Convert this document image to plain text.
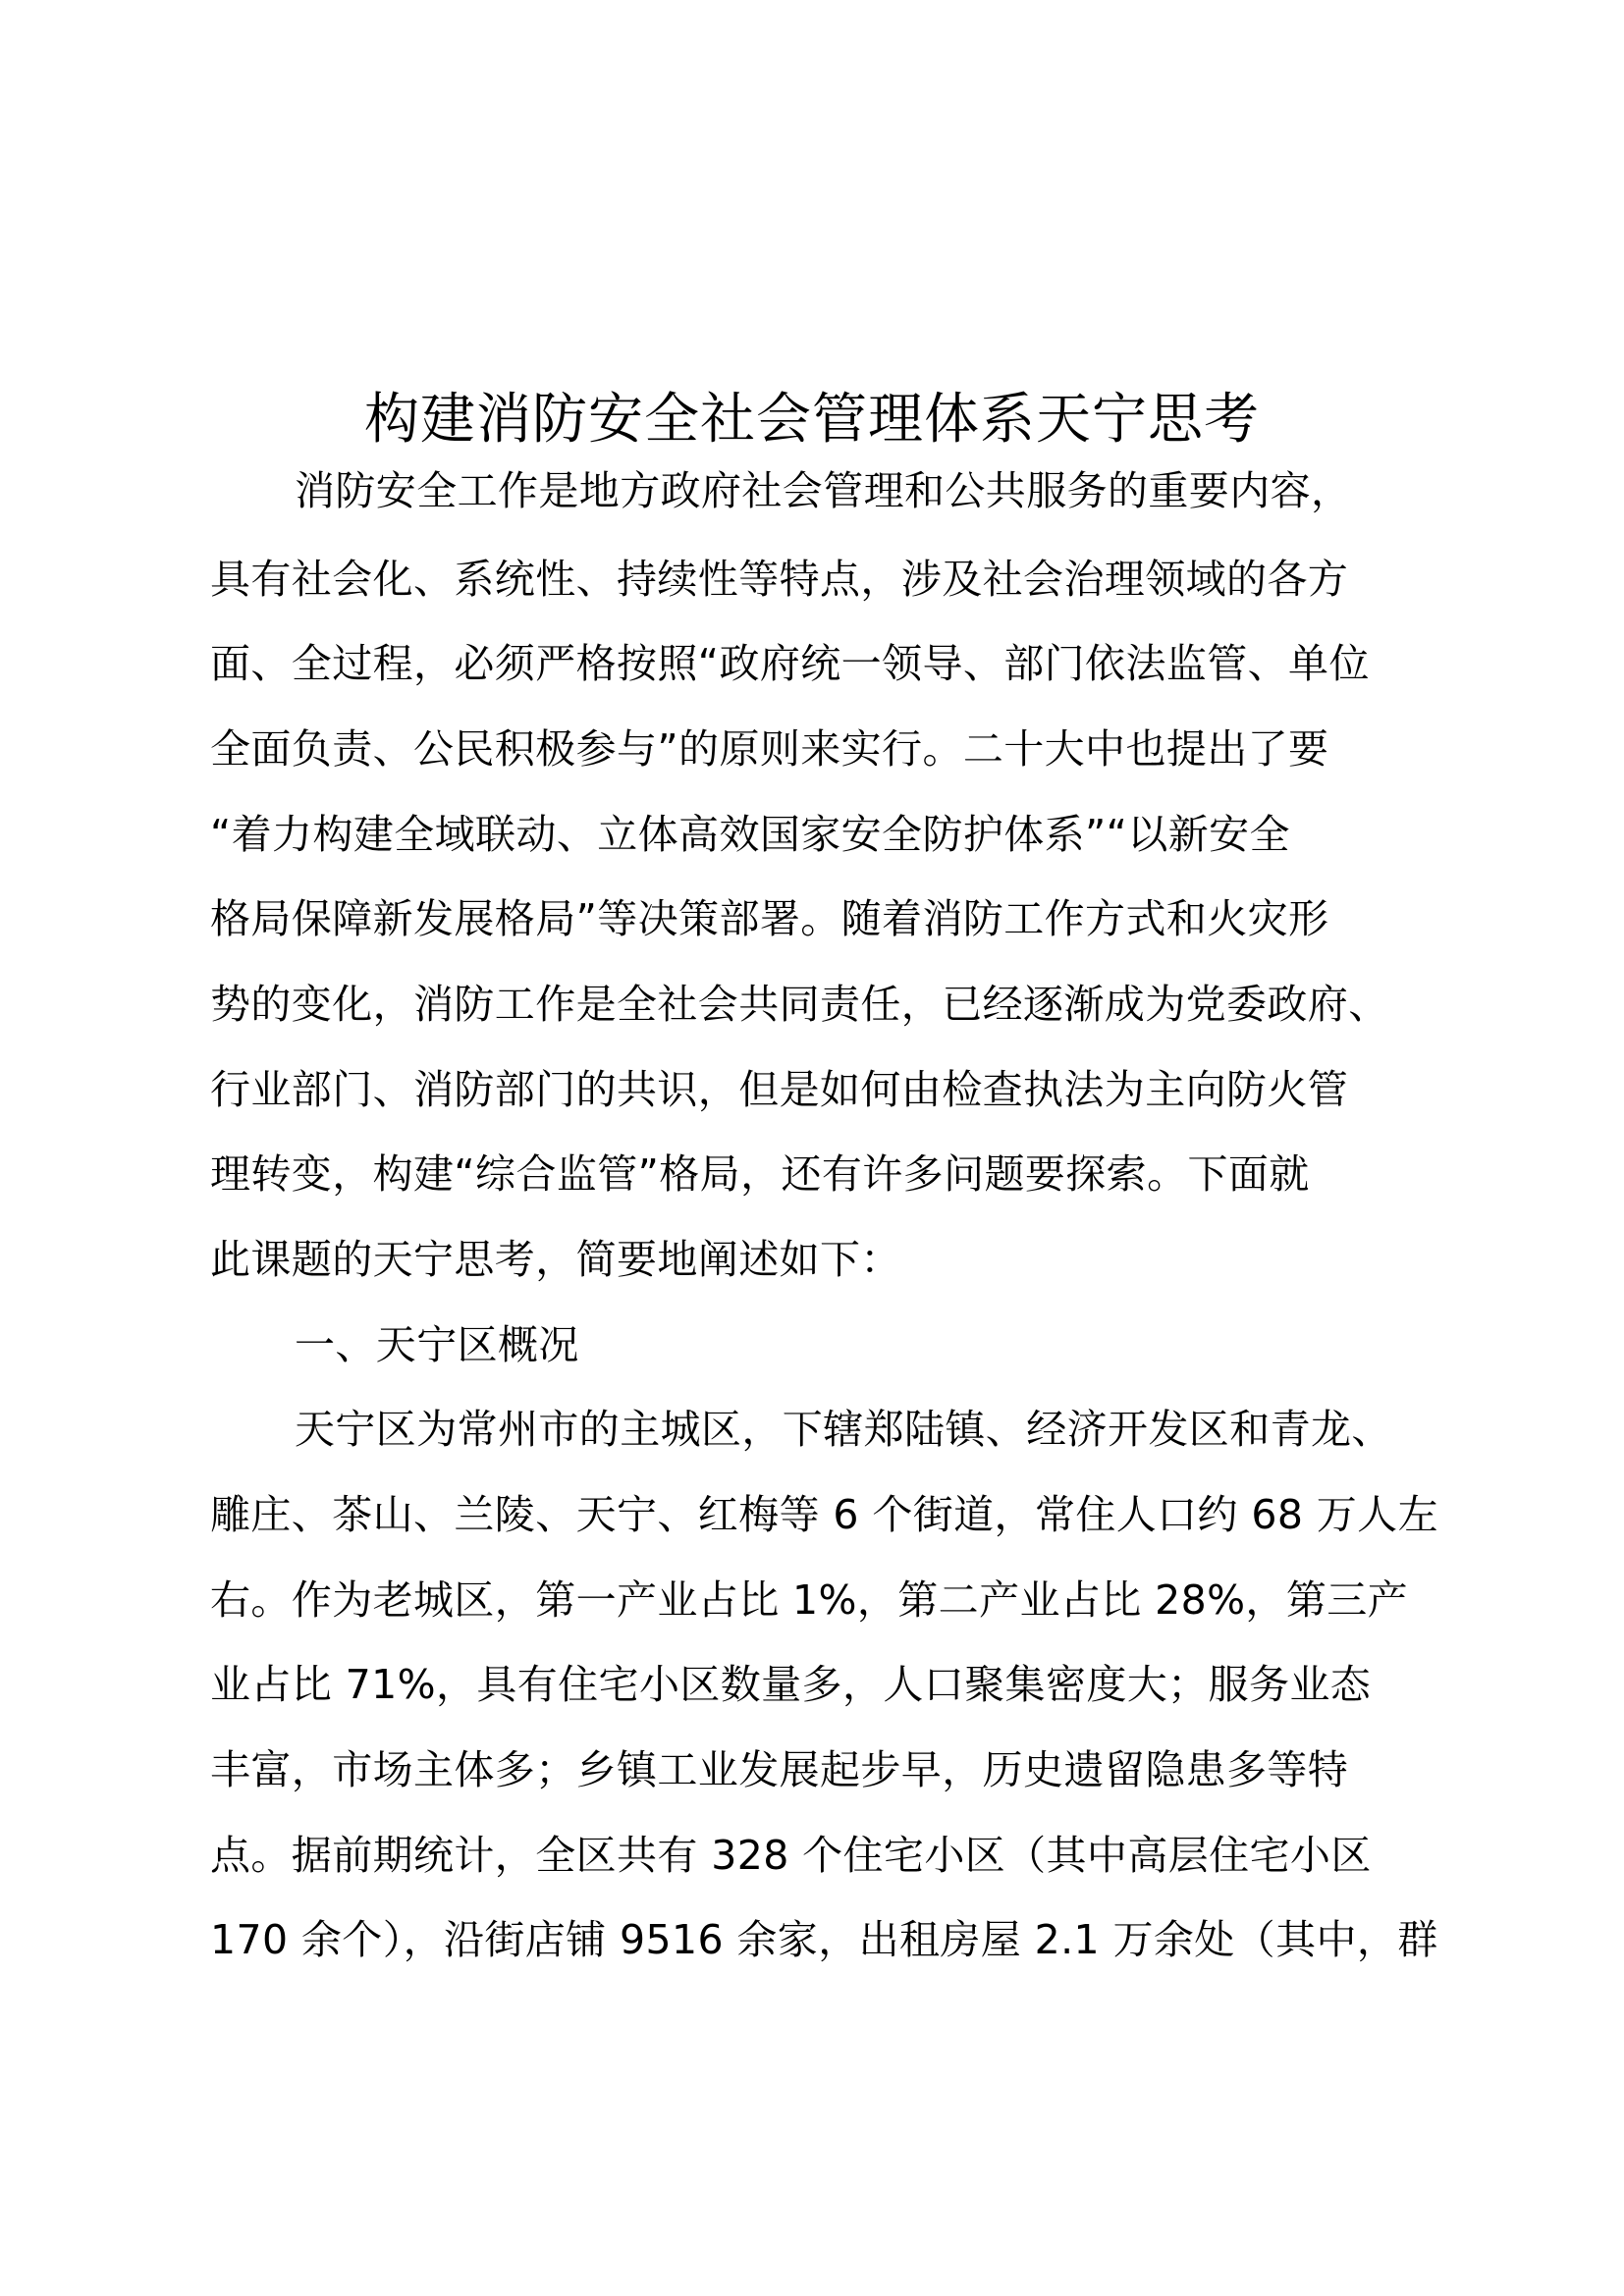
构建消防安全社会管理体系天宁思考
消防安全工作是地方政府社会管理和公共服务的重要内容，
具有社会化、系统性、持续性等特点，涉及社会治理领域的各方
面、全过程，必须严格按照“政府统一领导、部门依法监管、单位
全面负责、公民积极参与”的原则来实行。二十大中也提出了要
“着力构建全域联动、立体高效国家安全防护体系”“以新安全
格局保障新发展格局”等决策部署。随着消防工作方式和火灾形
势的变化，消防工作是全社会共同责任，已经逐渐成为党委政府、
行业部门、消防部门的共识，但是如何由检查执法为主向防火管
理转变，构建“综合监管”格局，还有许多问题要探索。下面就
此课题的天宁思考，简要地阐述如下：
一、天宁区概况
天宁区为常州市的主城区，下辖郑陆镇、经济开发区和青龙、
雕庄、茶山、兰陵、天宁、红梅等 6 个街道，常住人口约 68 万人左
右。作为老城区，第一产业占比 1%，第二产业占比 28%，第三产
业占比 71%，具有住宅小区数量多，人口聚集密度大；服务业态
丰富，市场主体多；乡镇工业发展起步早，历史遗留隐患多等特
点。据前期统计，全区共有 328 个住宅小区（其中高层住宅小区
170 余个），沿街店铺 9516 余家，出租房屋 2.1 万余处（其中，群
